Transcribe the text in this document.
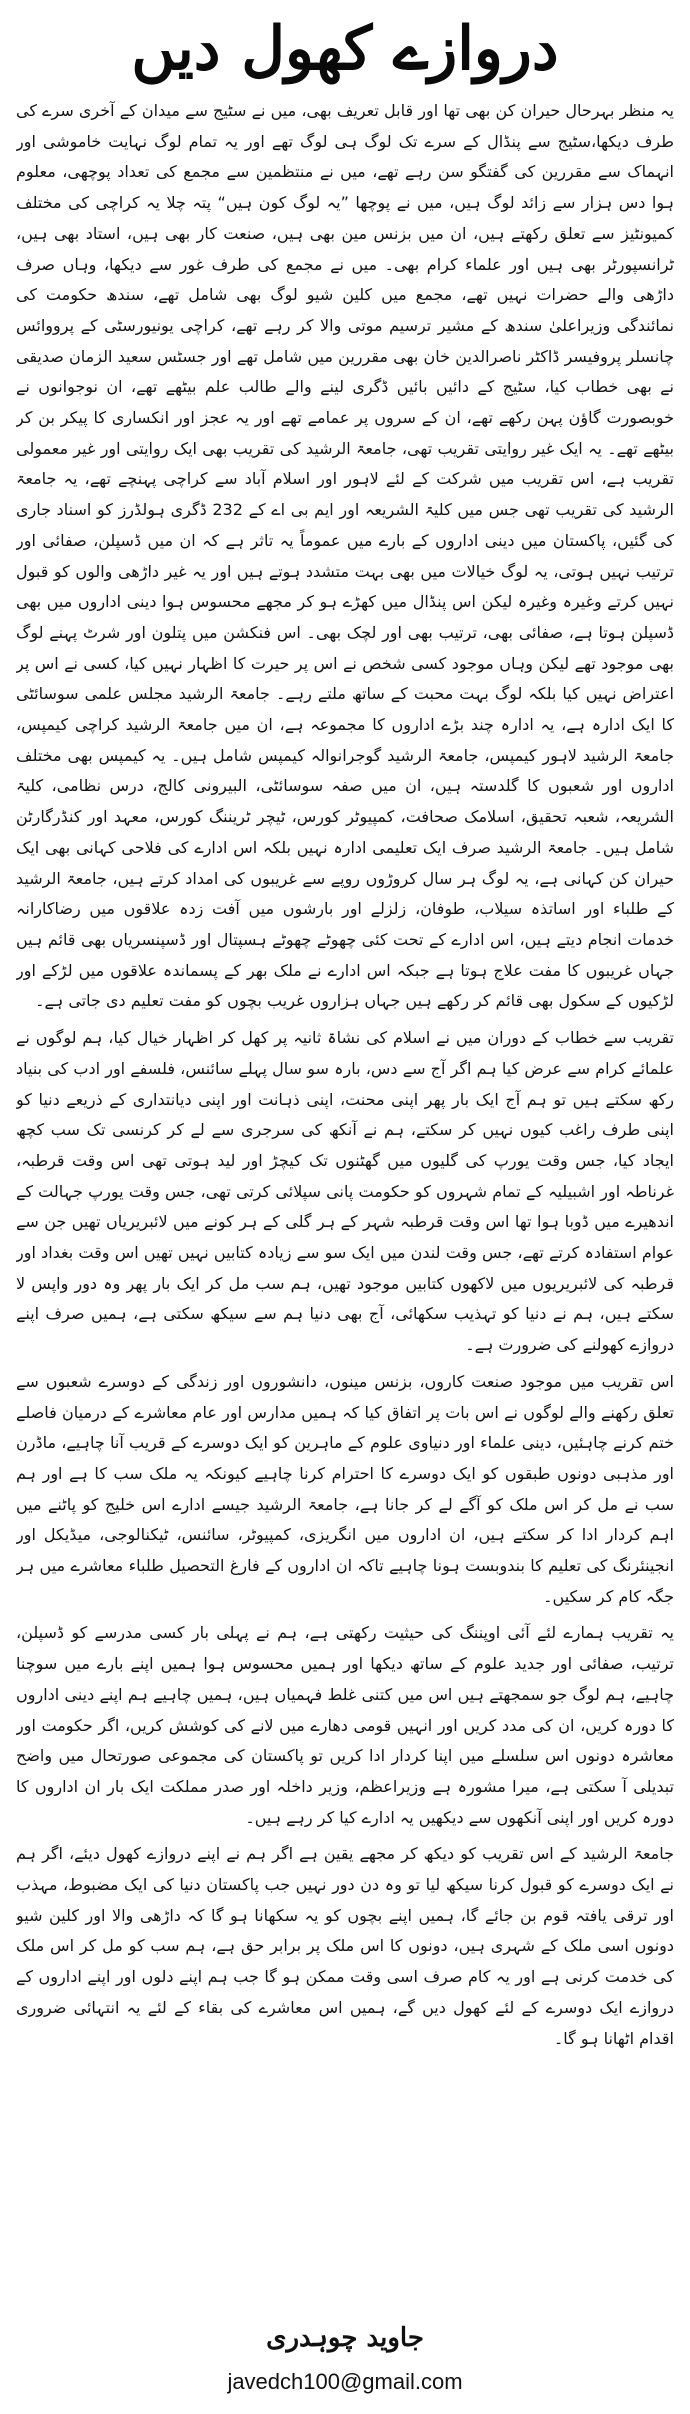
دروازے کھول دیں

یہ منظر بہرحال حیران کن بھی تھا اور قابل تعریف بھی، میں نے سٹیج سے میدان کے آخری سرے کی طرف دیکھا،سٹیج سے پنڈال کے سرے تک لوگ ہی لوگ تھے اور یہ تمام لوگ نہایت خاموشی اور انہماک سے مقررین کی گفتگو سن رہے تھے، میں نے منتظمین سے مجمع کی تعداد پوچھی، معلوم ہوا دس ہزار سے زائد لوگ ہیں، میں نے پوچھا ”یہ لوگ کون ہیں“ پتہ چلا یہ کراچی کی مختلف کمیونٹیز سے تعلق رکھتے ہیں، ان میں بزنس مین بھی ہیں، صنعت کار بھی ہیں، استاد بھی ہیں، ٹرانسپورٹر بھی ہیں اور علماء کرام بھی۔ میں نے مجمع کی طرف غور سے دیکھا، وہاں صرف داڑھی والے حضرات نہیں تھے، مجمع میں کلین شیو لوگ بھی شامل تھے، سندھ حکومت کی نمائندگی وزیراعلیٰ سندھ کے مشیر ترسیم موتی والا کر رہے تھے، کراچی یونیورسٹی کے پرووائس چانسلر پروفیسر ڈاکٹر ناصرالدین خان بھی مقررین میں شامل تھے اور جسٹس سعید الزمان صدیقی نے بھی خطاب کیا، سٹیج کے دائیں بائیں ڈگری لینے والے طالب علم بیٹھے تھے، ان نوجوانوں نے خوبصورت گاؤن پہن رکھے تھے، ان کے سروں پر عمامے تھے اور یہ عجز اور انکساری کا پیکر بن کر بیٹھے تھے۔ یہ ایک غیر روایتی تقریب تھی، جامعۃ الرشید کی تقریب بھی ایک روایتی اور غیر معمولی تقریب ہے، اس تقریب میں شرکت کے لئے لاہور اور اسلام آباد سے کراچی پہنچے تھے، یہ جامعۃ الرشید کی تقریب تھی جس میں کلیۃ الشریعہ اور ایم بی اے کے 232 ڈگری ہولڈرز کو اسناد جاری کی گئیں، پاکستان میں دینی اداروں کے بارے میں عموماً یہ تاثر ہے کہ ان میں ڈسپلن، صفائی اور ترتیب نہیں ہوتی، یہ لوگ خیالات میں بھی بہت متشدد ہوتے ہیں اور یہ غیر داڑھی والوں کو قبول نہیں کرتے وغیرہ وغیرہ لیکن اس پنڈال میں کھڑے ہو کر مجھے محسوس ہوا دینی اداروں میں بھی ڈسپلن ہوتا ہے، صفائی بھی، ترتیب بھی اور لچک بھی۔ اس فنکشن میں پتلون اور شرٹ پہنے لوگ بھی موجود تھے لیکن وہاں موجود کسی شخص نے اس پر حیرت کا اظہار نہیں کیا، کسی نے اس پر اعتراض نہیں کیا بلکہ لوگ بہت محبت کے ساتھ ملتے رہے۔ جامعۃ الرشید مجلس علمی سوسائٹی کا ایک ادارہ ہے، یہ ادارہ چند بڑے اداروں کا مجموعہ ہے، ان میں جامعۃ الرشید کراچی کیمپس، جامعۃ الرشید لاہور کیمپس، جامعۃ الرشید گوجرانوالہ کیمپس شامل ہیں۔ یہ کیمپس بھی مختلف اداروں اور شعبوں کا گلدستہ ہیں، ان میں صفہ سوسائٹی، البیرونی کالج، درس نظامی، کلیۃ الشریعہ، شعبہ تحقیق، اسلامک صحافت، کمپیوٹر کورس، ٹیچر ٹریننگ کورس، معہد اور کنڈرگارٹن شامل ہیں۔ جامعۃ الرشید صرف ایک تعلیمی ادارہ نہیں بلکہ اس ادارے کی فلاحی کہانی بھی ایک حیران کن کہانی ہے، یہ لوگ ہر سال کروڑوں روپے سے غریبوں کی امداد کرتے ہیں، جامعۃ الرشید کے طلباء اور اساتذہ سیلاب، طوفان، زلزلے اور بارشوں میں آفت زدہ علاقوں میں رضاکارانہ خدمات انجام دیتے ہیں، اس ادارے کے تحت کئی چھوٹے چھوٹے ہسپتال اور ڈسپنسریاں بھی قائم ہیں جہاں غریبوں کا مفت علاج ہوتا ہے جبکہ اس ادارے نے ملک بھر کے پسماندہ علاقوں میں لڑکے اور لڑکیوں کے سکول بھی قائم کر رکھے ہیں جہاں ہزاروں غریب بچوں کو مفت تعلیم دی جاتی ہے۔

تقریب سے خطاب کے دوران میں نے اسلام کی نشاۃ ثانیہ پر کھل کر اظہار خیال کیا، ہم لوگوں نے علمائے کرام سے عرض کیا ہم اگر آج سے دس، بارہ سو سال پہلے سائنس، فلسفے اور ادب کی بنیاد رکھ سکتے ہیں تو ہم آج ایک بار پھر اپنی محنت، اپنی ذہانت اور اپنی دیانتداری کے ذریعے دنیا کو اپنی طرف راغب کیوں نہیں کر سکتے، ہم نے آنکھ کی سرجری سے لے کر کرنسی تک سب کچھ ایجاد کیا، جس وقت یورپ کی گلیوں میں گھٹنوں تک کیچڑ اور لید ہوتی تھی اس وقت قرطبہ، غرناطہ اور اشبیلیہ کے تمام شہروں کو حکومت پانی سپلائی کرتی تھی، جس وقت یورپ جہالت کے اندھیرے میں ڈوبا ہوا تھا اس وقت قرطبہ شہر کے ہر گلی کے ہر کونے میں لائبریریاں تھیں جن سے عوام استفادہ کرتے تھے، جس وقت لندن میں ایک سو سے زیادہ کتابیں نہیں تھیں اس وقت بغداد اور قرطبہ کی لائبریریوں میں لاکھوں کتابیں موجود تھیں، ہم سب مل کر ایک بار پھر وہ دور واپس لا سکتے ہیں، ہم نے دنیا کو تہذیب سکھائی، آج بھی دنیا ہم سے سیکھ سکتی ہے، ہمیں صرف اپنے دروازے کھولنے کی ضرورت ہے۔

اس تقریب میں موجود صنعت کاروں، بزنس مینوں، دانشوروں اور زندگی کے دوسرے شعبوں سے تعلق رکھنے والے لوگوں نے اس بات پر اتفاق کیا کہ ہمیں مدارس اور عام معاشرے کے درمیان فاصلے ختم کرنے چاہئیں، دینی علماء اور دنیاوی علوم کے ماہرین کو ایک دوسرے کے قریب آنا چاہیے، ماڈرن اور مذہبی دونوں طبقوں کو ایک دوسرے کا احترام کرنا چاہیے کیونکہ یہ ملک سب کا ہے اور ہم سب نے مل کر اس ملک کو آگے لے کر جانا ہے، جامعۃ الرشید جیسے ادارے اس خلیج کو پاٹنے میں اہم کردار ادا کر سکتے ہیں، ان اداروں میں انگریزی، کمپیوٹر، سائنس، ٹیکنالوجی، میڈیکل اور انجینئرنگ کی تعلیم کا بندوبست ہونا چاہیے تاکہ ان اداروں کے فارغ التحصیل طلباء معاشرے میں ہر جگہ کام کر سکیں۔

یہ تقریب ہمارے لئے آئی اوپننگ کی حیثیت رکھتی ہے، ہم نے پہلی بار کسی مدرسے کو ڈسپلن، ترتیب، صفائی اور جدید علوم کے ساتھ دیکھا اور ہمیں محسوس ہوا ہمیں اپنے بارے میں سوچنا چاہیے، ہم لوگ جو سمجھتے ہیں اس میں کتنی غلط فہمیاں ہیں، ہمیں چاہیے ہم اپنے دینی اداروں کا دورہ کریں، ان کی مدد کریں اور انہیں قومی دھارے میں لانے کی کوشش کریں، اگر حکومت اور معاشرہ دونوں اس سلسلے میں اپنا کردار ادا کریں تو پاکستان کی مجموعی صورتحال میں واضح تبدیلی آ سکتی ہے، میرا مشورہ ہے وزیراعظم، وزیر داخلہ اور صدر مملکت ایک بار ان اداروں کا دورہ کریں اور اپنی آنکھوں سے دیکھیں یہ ادارے کیا کر رہے ہیں۔

جامعۃ الرشید کے اس تقریب کو دیکھ کر مجھے یقین ہے اگر ہم نے اپنے دروازے کھول دیئے، اگر ہم نے ایک دوسرے کو قبول کرنا سیکھ لیا تو وہ دن دور نہیں جب پاکستان دنیا کی ایک مضبوط، مہذب اور ترقی یافتہ قوم بن جائے گا، ہمیں اپنے بچوں کو یہ سکھانا ہو گا کہ داڑھی والا اور کلین شیو دونوں اسی ملک کے شہری ہیں، دونوں کا اس ملک پر برابر حق ہے، ہم سب کو مل کر اس ملک کی خدمت کرنی ہے اور یہ کام صرف اسی وقت ممکن ہو گا جب ہم اپنے دلوں اور اپنے اداروں کے دروازے ایک دوسرے کے لئے کھول دیں گے، ہمیں اس معاشرے کی بقاء کے لئے یہ انتہائی ضروری اقدام اٹھانا ہو گا۔

جاوید چوہدری
javedch100@gmail.com
